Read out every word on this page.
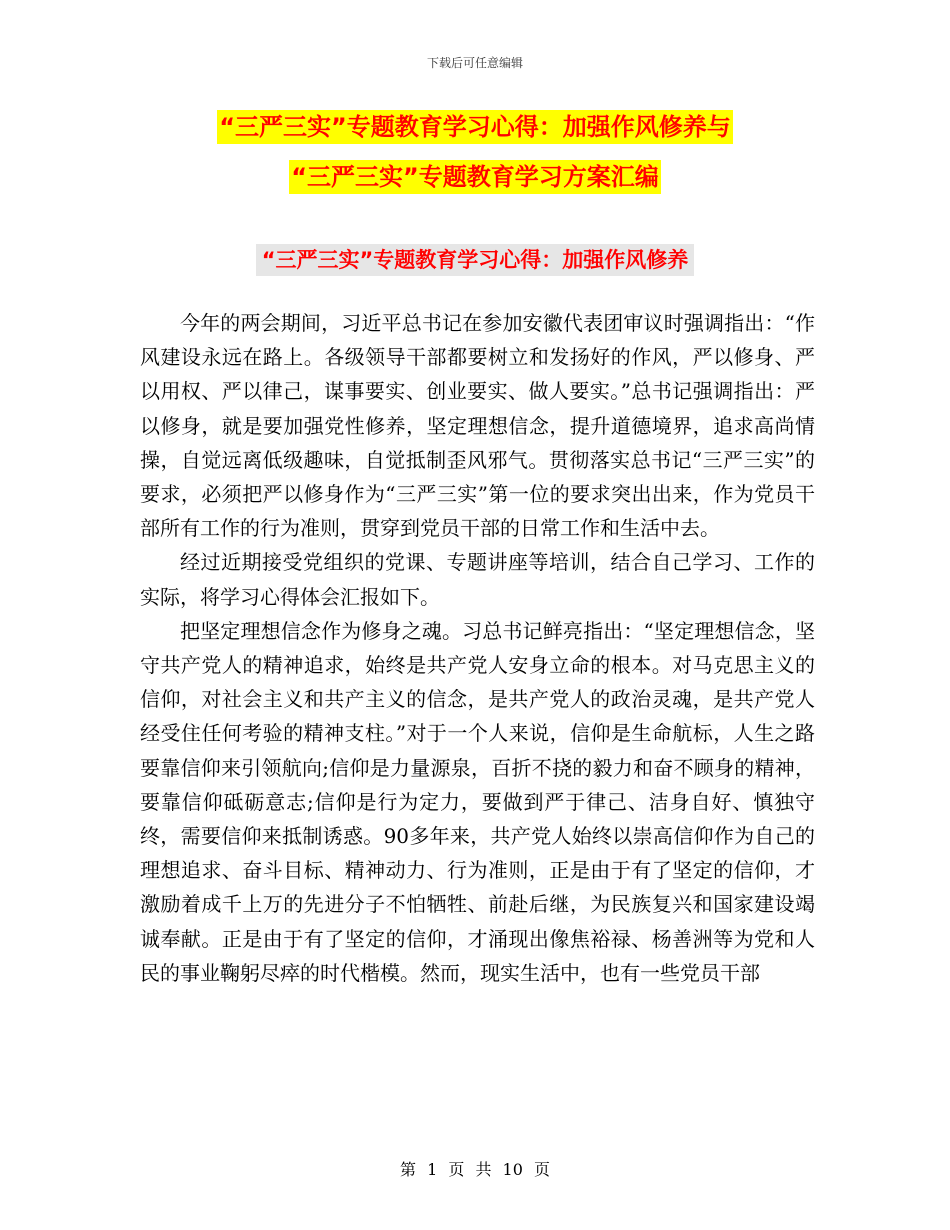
下载后可任意编辑
“三严三实”专题教育学习心得：加强作风修养与
“三严三实”专题教育学习方案汇编
“三严三实”专题教育学习心得：加强作风修养

今年的两会期间，习近平总书记在参加安徽代表团审议时强调指出：“作风建设永远在路上。各级领导干部都要树立和发扬好的作风，严以修身、严以用权、严以律己，谋事要实、创业要实、做人要实。”总书记强调指出：严以修身，就是要加强党性修养，坚定理想信念，提升道德境界，追求高尚情操，自觉远离低级趣味，自觉抵制歪风邪气。贯彻落实总书记“三严三实”的要求，必须把严以修身作为“三严三实”第一位的要求突出出来，作为党员干部所有工作的行为准则，贯穿到党员干部的日常工作和生活中去。

经过近期接受党组织的党课、专题讲座等培训，结合自己学习、工作的实际，将学习心得体会汇报如下。

把坚定理想信念作为修身之魂。习总书记鲜亮指出：“坚定理想信念，坚守共产党人的精神追求，始终是共产党人安身立命的根本。对马克思主义的信仰，对社会主义和共产主义的信念，是共产党人的政治灵魂，是共产党人经受住任何考验的精神支柱。”对于一个人来说，信仰是生命航标，人生之路要靠信仰来引领航向;信仰是力量源泉，百折不挠的毅力和奋不顾身的精神，要靠信仰砥砺意志;信仰是行为定力，要做到严于律己、洁身自好、慎独守终，需要信仰来抵制诱惑。90多年来，共产党人始终以崇高信仰作为自己的理想追求、奋斗目标、精神动力、行为准则，正是由于有了坚定的信仰，才激励着成千上万的先进分子不怕牺牲、前赴后继，为民族复兴和国家建设竭诚奉献。正是由于有了坚定的信仰，才涌现出像焦裕禄、杨善洲等为党和人民的事业鞠躬尽瘁的时代楷模。然而，现实生活中，也有一些党员干部

第 1 页 共 10 页
